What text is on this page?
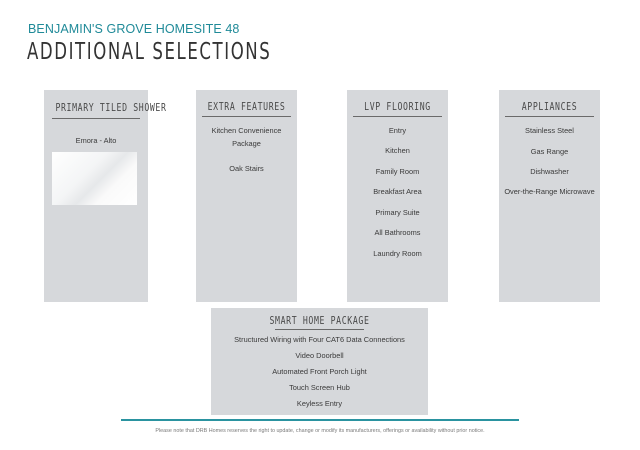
BENJAMIN'S GROVE HOMESITE 48
ADDITIONAL SELECTIONS
PRIMARY TILED SHOWER
Emora - Alto
EXTRA FEATURES
Kitchen Convenience
Package
Oak Stairs
LVP FLOORING
Entry
Kitchen
Family Room
Breakfast Area
Primary Suite
All Bathrooms
Laundry Room
APPLIANCES
Stainless Steel
Gas Range
Dishwasher
Over-the-Range Microwave
SMART HOME PACKAGE
Structured Wiring with Four CAT6 Data Connections
Video Doorbell
Automated Front Porch Light
Touch Screen Hub
Keyless Entry
Please note that DRB Homes reserves the right to update, change or modify its manufacturers, offerings or availability without prior notice.
